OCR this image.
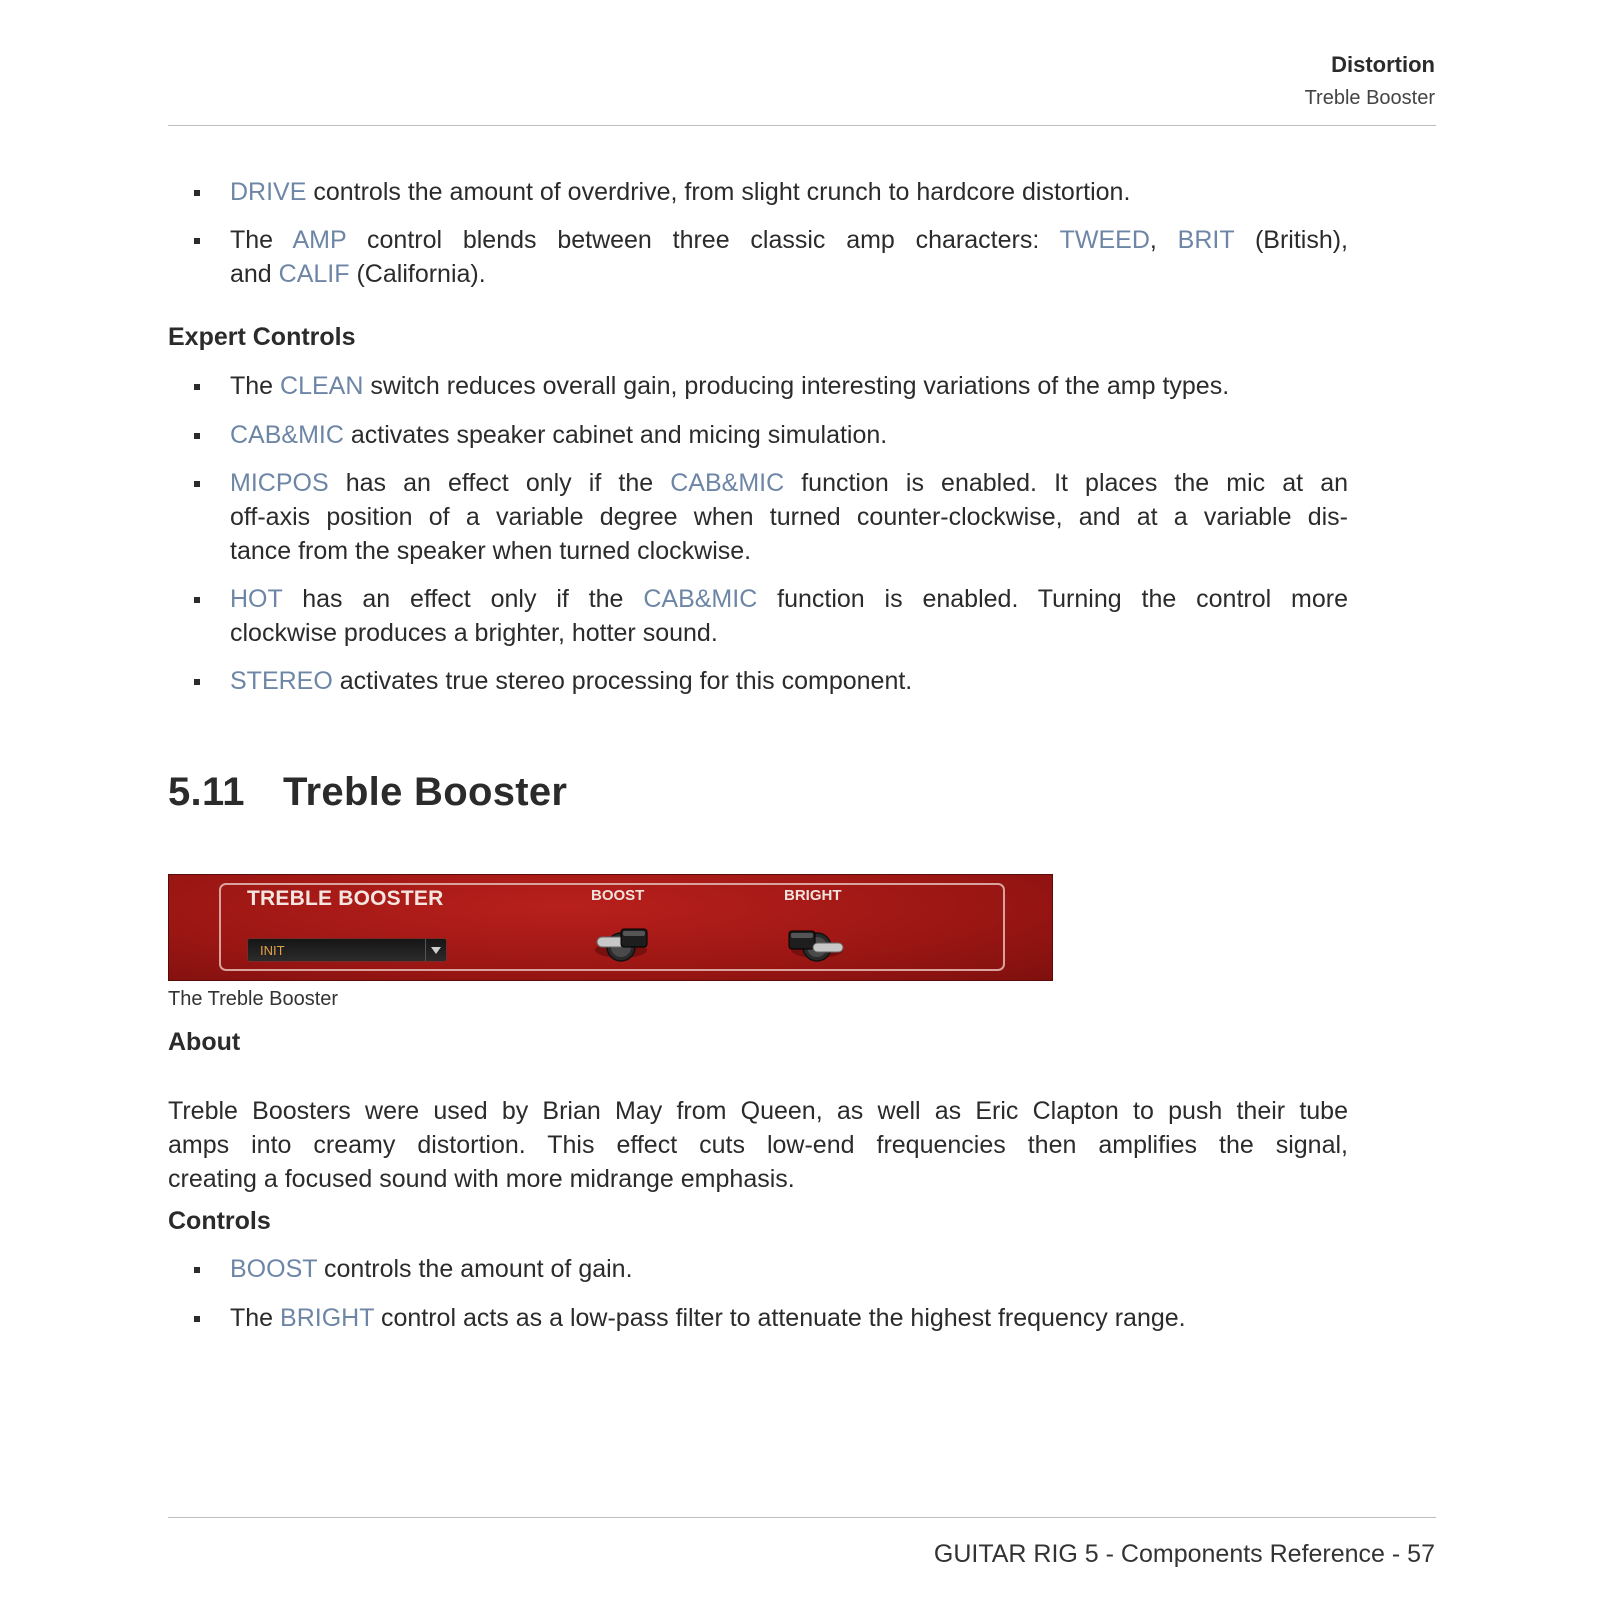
Distortion
Treble Booster
DRIVE controls the amount of overdrive, from slight crunch to hardcore distortion.
The AMP control blends between three classic amp characters: TWEED, BRIT (British),
and CALIF (California).
Expert Controls
The CLEAN switch reduces overall gain, producing interesting variations of the amp types.
CAB&MIC activates speaker cabinet and micing simulation.
MICPOS has an effect only if the CAB&MIC function is enabled. It places the mic at an
off-axis position of a variable degree when turned counter-clockwise, and at a variable dis-
tance from the speaker when turned clockwise.
HOT has an effect only if the CAB&MIC function is enabled. Turning the control more
clockwise produces a brighter, hotter sound.
STEREO activates true stereo processing for this component.
5.11 Treble Booster
TREBLE BOOSTER
INIT
BOOST	BRIGHT
The Treble Booster
About
Treble Boosters were used by Brian May from Queen, as well as Eric Clapton to push their tube
amps into creamy distortion. This effect cuts low-end frequencies then amplifies the signal,
creating a focused sound with more midrange emphasis.
Controls
BOOST controls the amount of gain.
The BRIGHT control acts as a low-pass filter to attenuate the highest frequency range.
GUITAR RIG 5 - Components Reference - 57
